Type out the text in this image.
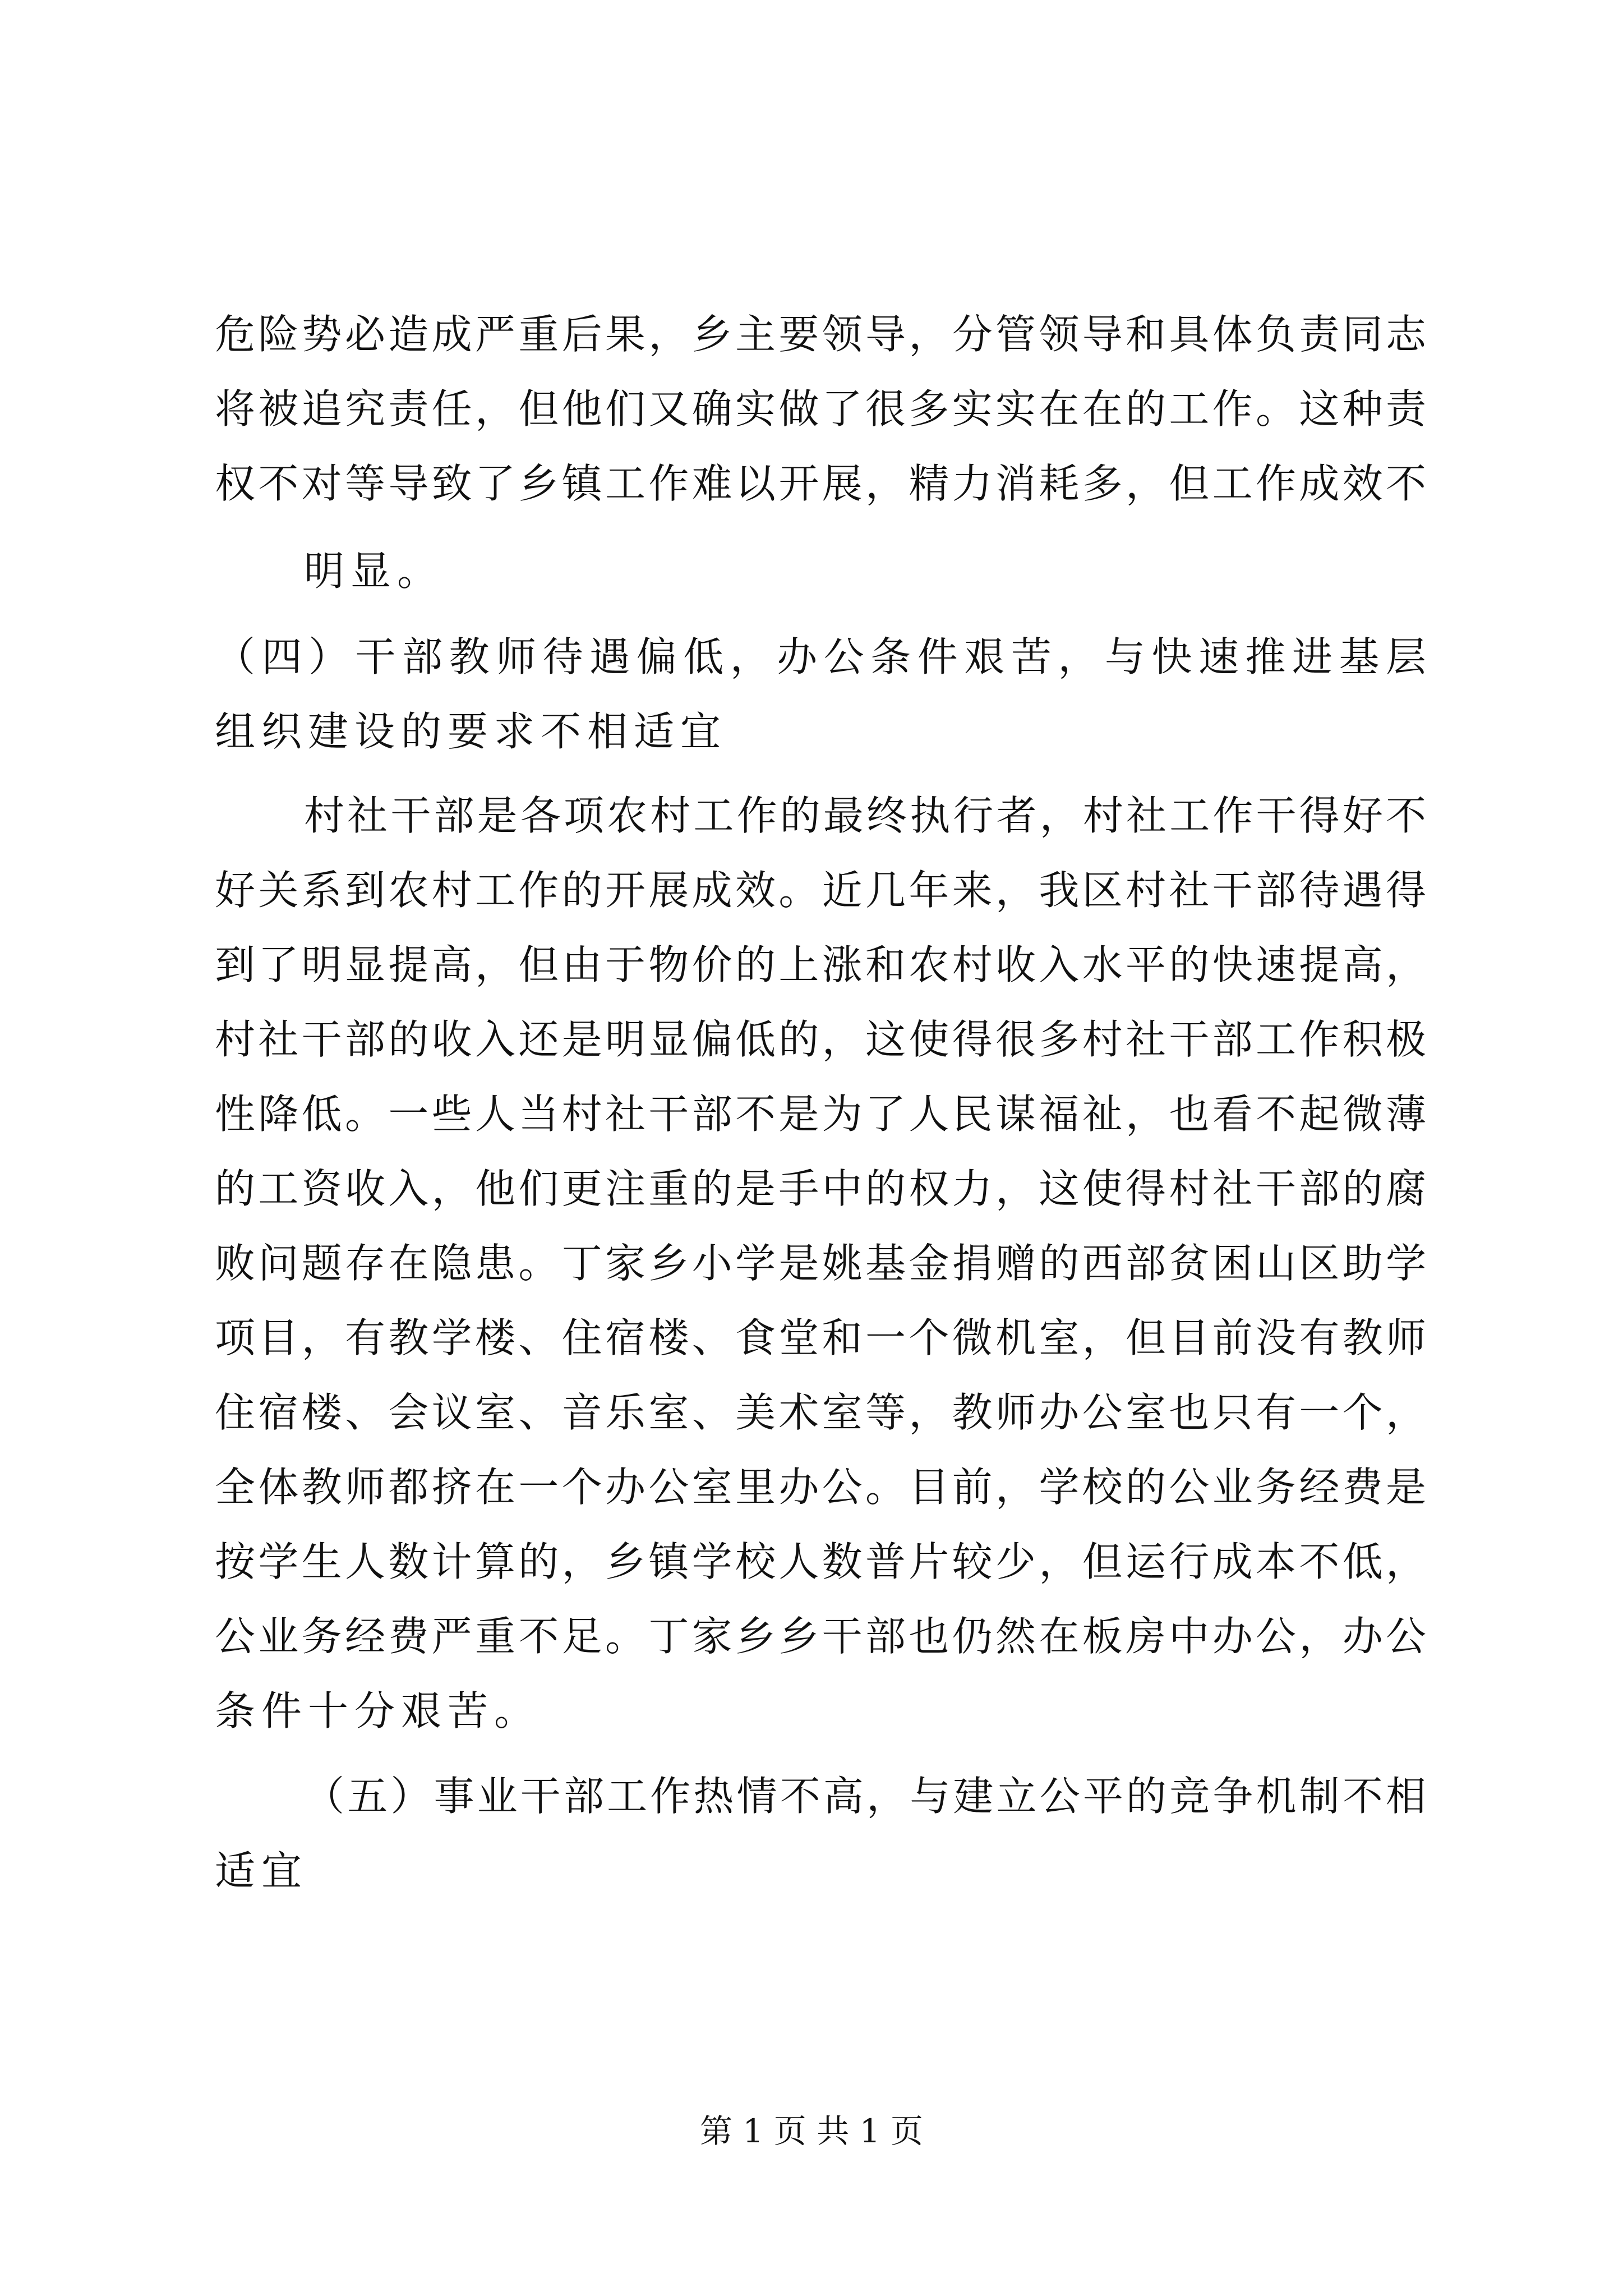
危险势必造成严重后果，乡主要领导，分管领导和具体负责同志
将被追究责任，但他们又确实做了很多实实在在的工作。这种责
权不对等导致了乡镇工作难以开展，精力消耗多，但工作成效不
明显。
（四）干部教师待遇偏低，办公条件艰苦，与快速推进基层
组织建设的要求不相适宜
村社干部是各项农村工作的最终执行者，村社工作干得好不
好关系到农村工作的开展成效。近几年来，我区村社干部待遇得
到了明显提高，但由于物价的上涨和农村收入水平的快速提高，
村社干部的收入还是明显偏低的，这使得很多村社干部工作积极
性降低。一些人当村社干部不是为了人民谋福祉，也看不起微薄
的工资收入，他们更注重的是手中的权力，这使得村社干部的腐
败问题存在隐患。丁家乡小学是姚基金捐赠的西部贫困山区助学
项目，有教学楼、住宿楼、食堂和一个微机室，但目前没有教师
住宿楼、会议室、音乐室、美术室等，教师办公室也只有一个，
全体教师都挤在一个办公室里办公。目前，学校的公业务经费是
按学生人数计算的，乡镇学校人数普片较少，但运行成本不低，
公业务经费严重不足。丁家乡乡干部也仍然在板房中办公，办公
条件十分艰苦。
（五）事业干部工作热情不高，与建立公平的竞争机制不相
适宜
第 1 页 共 1 页
